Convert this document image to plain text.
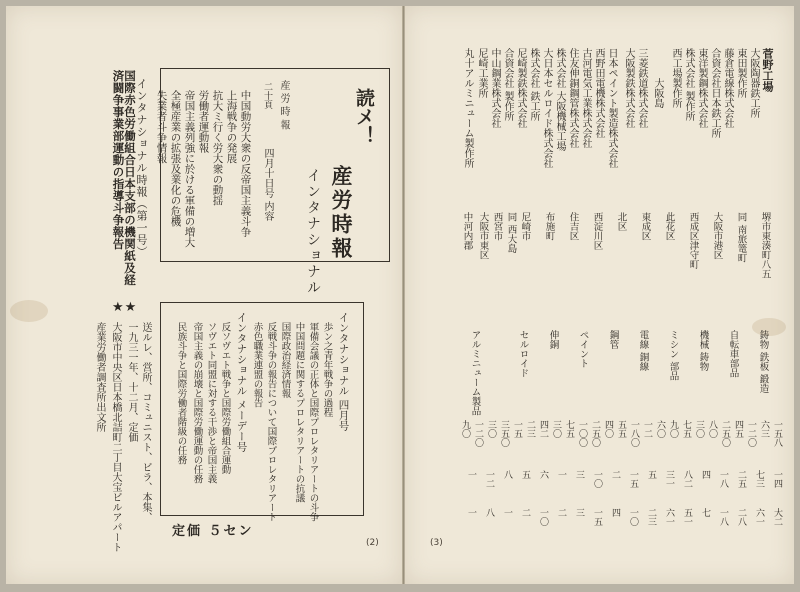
読メ！
産労時報
インタナショナル
産 労 時 報
四月十日号 内容
二十頁
中国動労大衆の反帝国主義斗争
上海戦争の発展
抗大ミ行く労大衆の動揺
労働者運動報
帝国主義列強に於ける軍備の増大
全極産業の拡張及業化の危機
失業者斗争情報
インタナショナル時報（第一号）
国際赤色労働組合日本支部の機関紙及経済闘争事業部運動の指導斗争報告
★★
送ルレ、営所、コミュニスト、ビラ、本集、
一九三一年、十二月、定価
大阪市中央区日本橋北詰町二丁目大宝ビルアパート
産業労働者調査所出文所	インタナショナル 四月号
歩ン之青年戦争の過程
軍備会議の正体と国際プロレタリアートの斗争
中国問題に関するプロレタリアートの抗議
国際政治経済情報
反戦斗争の報告について国際プロレタリアート
赤色職業連盟の報告
インタナショナル メーデー号
反ソヴエト戦争と国際労働組合運動
ソヴエト同盟に対する干渉と帝国主義
帝国主義の崩壊と国際労働運動の任務
民族斗争と国際労働者階級の任務
定価 ５セン
(2)
菅野工場
大阪陶器鉄工所
東田製作所
藤倉電線株式会社
合資会社日本鉄工所
東洋製鋼株式会社
株式会社 製作所
西工場製作所
大阪島
三菱鉄道株式会社
大阪製鉄株式会社
日本ペイント製造株式会社
西野田電機株式会社
古河電気工業株式会社
住友伸銅鋼管株式会社
株式会社 大阪機械工場
大日本セルロイド株式会社
株式会社 鉄工所
尼崎製鉄株式会社
合資会社 製作所
中山鋼業株式会社
尼崎工業所
丸十アルミニューム製作所
堺市東湊町八五
同 南旅篭町
大阪市港区
西成区津守町
此花区
東成区
北区
西淀川区
住吉区
布施町
尼崎市
同 西大島
西宮市
大阪市東区
中河内郡
鋳物 鉄板 鍛造
自転車部品
機械 鋳物
ミシン 部品
電線 銅線
鋼管
ペイント
伸銅
セルロイド
アルミニューム製品
一五八
六三
一二〇
四五
二五〇
八〇
三〇
七五
九〇
六〇
一二
一八〇
五五
四〇
二五〇
一〇〇
七五
三〇
四二
二三
一五
三五〇
三〇
一二〇
九〇
一四
七三
二五
一八
四
八二
三一
五
一五
二
一〇
三
一
六
五
八
一二
一
大二
六一
二八
一八
七
五一
六一
二三
一〇
四
一五
三
二
一〇
二
一
八
一
(3)
